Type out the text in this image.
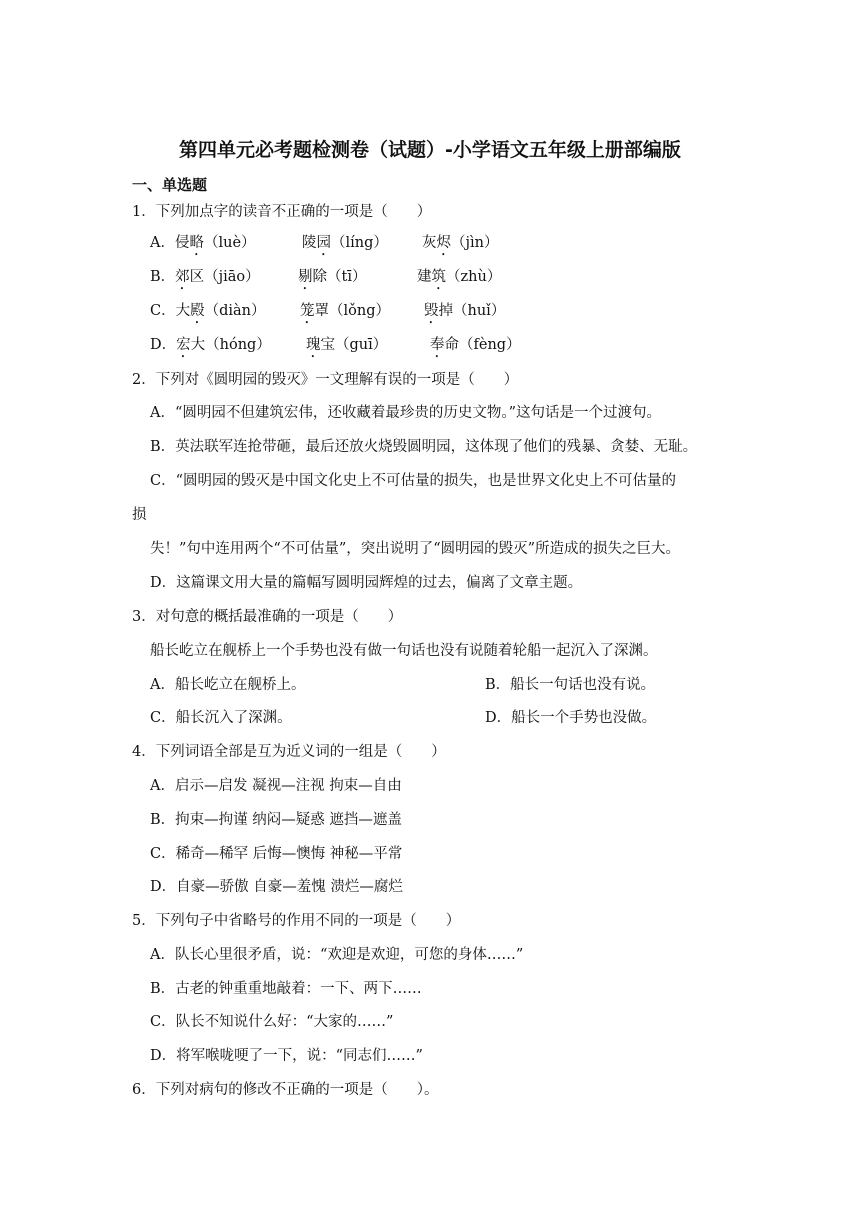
第四单元必考题检测卷（试题）-小学语文五年级上册部编版
一、单选题
1．下列加点字的读音不正确的一项是（　　）
A．侵略（luè）	陵园（líng） 灰烬（jìn）
B．郊区（jiāo）	剔除（tī）	建筑（zhù）
C．大殿（diàn） 笼罩（lǒng） 毁掉（huǐ）
D．宏大（hóng） 瑰宝（guī）	奉命（fèng）
2．下列对《圆明园的毁灭》一文理解有误的一项是（　　）
A．“圆明园不但建筑宏伟，还收藏着最珍贵的历史文物。”这句话是一个过渡句。
B．英法联军连抢带砸，最后还放火烧毁圆明园，这体现了他们的残暴、贪婪、无耻。
C．“圆明园的毁灭是中国文化史上不可估量的损失，也是世界文化史上不可估量的
损
失！”句中连用两个“不可估量”，突出说明了“圆明园的毁灭”所造成的损失之巨大。
D．这篇课文用大量的篇幅写圆明园辉煌的过去，偏离了文章主题。
3．对句意的概括最准确的一项是（　　）
船长屹立在舰桥上一个手势也没有做一句话也没有说随着轮船一起沉入了深渊。
A．船长屹立在舰桥上。	B．船长一句话也没有说。
C．船长沉入了深渊。	D．船长一个手势也没做。
4．下列词语全部是互为近义词的一组是（　　）
A．启示—启发 凝视—注视 拘束—自由
B．拘束—拘谨 纳闷—疑惑 遮挡—遮盖
C．稀奇—稀罕 后悔—懊悔 神秘—平常
D．自豪—骄傲 自豪—羞愧 溃烂—腐烂
5．下列句子中省略号的作用不同的一项是（　　）
A．队长心里很矛盾，说：“欢迎是欢迎，可您的身体……”
B．古老的钟重重地敲着：一下、两下……
C．队长不知说什么好：“大家的……”
D．将军喉咙哽了一下，说：“同志们……”
6．下列对病句的修改不正确的一项是（　　）。
